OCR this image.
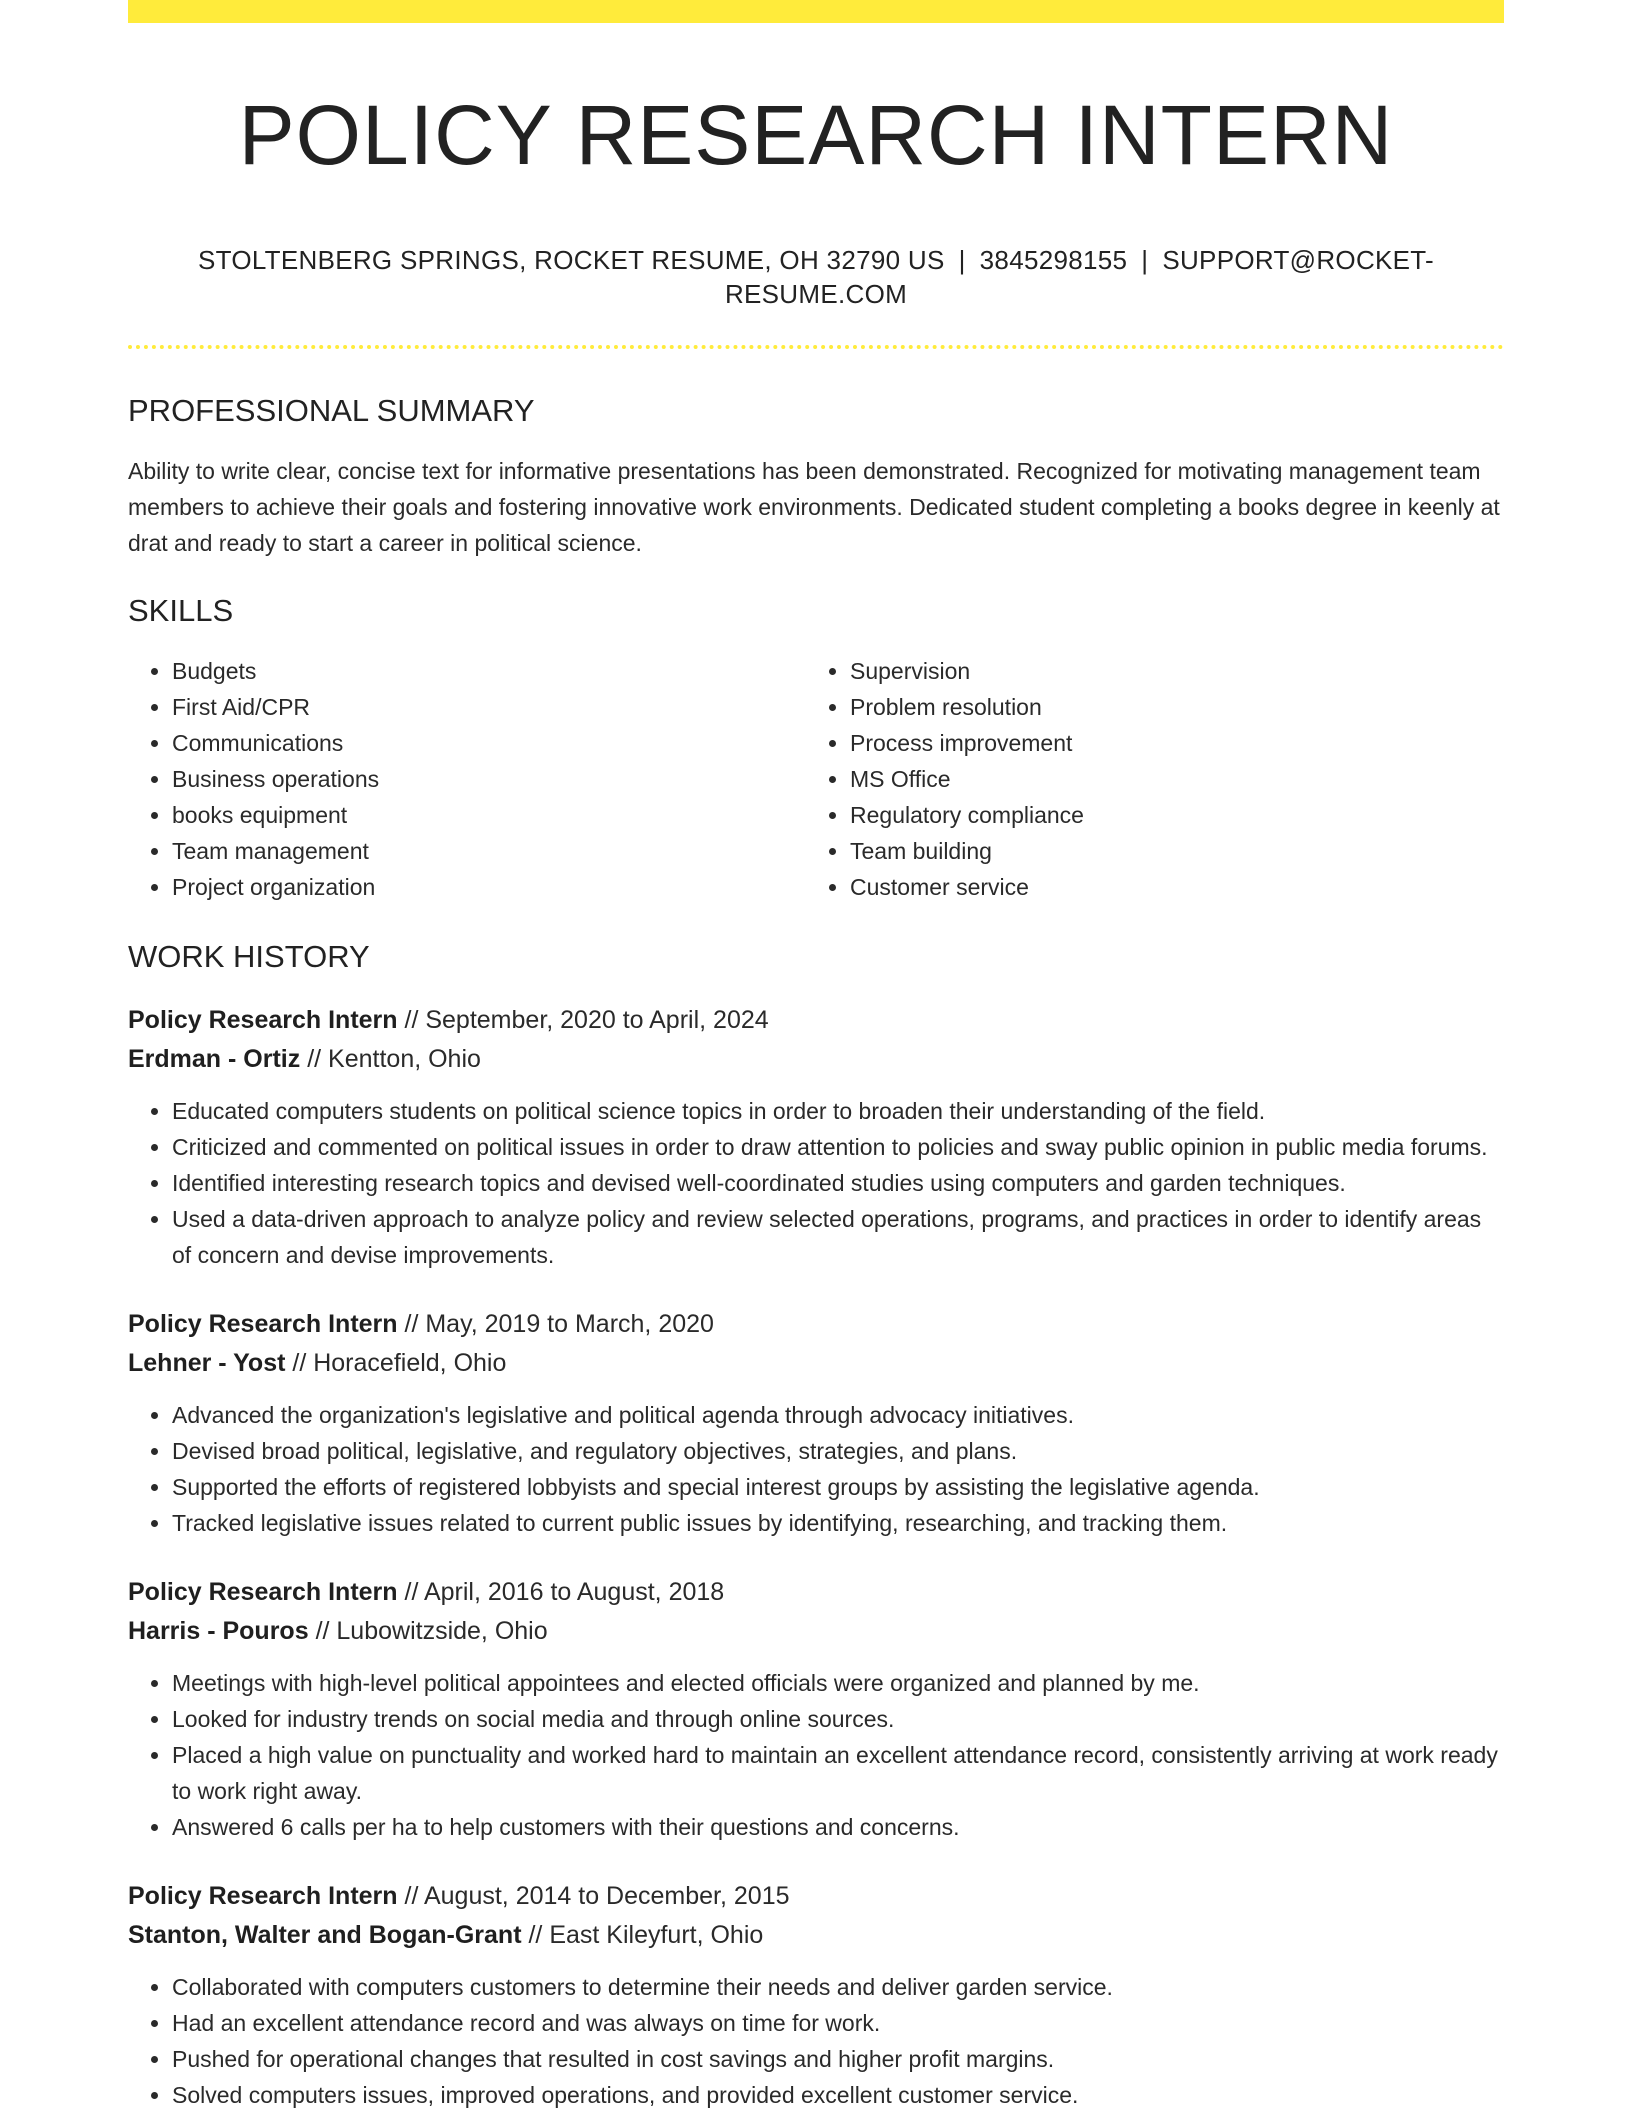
POLICY RESEARCH INTERN
STOLTENBERG SPRINGS, ROCKET RESUME, OH 32790 US | 3845298155 | SUPPORT@ROCKET-RESUME.COM
PROFESSIONAL SUMMARY
Ability to write clear, concise text for informative presentations has been demonstrated. Recognized for motivating management team members to achieve their goals and fostering innovative work environments. Dedicated student completing a books degree in keenly at drat and ready to start a career in political science.
SKILLS
• Budgets
• First Aid/CPR
• Communications
• Business operations
• books equipment
• Team management
• Project organization
• Supervision
• Problem resolution
• Process improvement
• MS Office
• Regulatory compliance
• Team building
• Customer service
WORK HISTORY
Policy Research Intern // September, 2020 to April, 2024
Erdman - Ortiz // Kentton, Ohio
• Educated computers students on political science topics in order to broaden their understanding of the field.
• Criticized and commented on political issues in order to draw attention to policies and sway public opinion in public media forums.
• Identified interesting research topics and devised well-coordinated studies using computers and garden techniques.
• Used a data-driven approach to analyze policy and review selected operations, programs, and practices in order to identify areas of concern and devise improvements.
Policy Research Intern // May, 2019 to March, 2020
Lehner - Yost // Horacefield, Ohio
• Advanced the organization's legislative and political agenda through advocacy initiatives.
• Devised broad political, legislative, and regulatory objectives, strategies, and plans.
• Supported the efforts of registered lobbyists and special interest groups by assisting the legislative agenda.
• Tracked legislative issues related to current public issues by identifying, researching, and tracking them.
Policy Research Intern // April, 2016 to August, 2018
Harris - Pouros // Lubowitzside, Ohio
• Meetings with high-level political appointees and elected officials were organized and planned by me.
• Looked for industry trends on social media and through online sources.
• Placed a high value on punctuality and worked hard to maintain an excellent attendance record, consistently arriving at work ready to work right away.
• Answered 6 calls per ha to help customers with their questions and concerns.
Policy Research Intern // August, 2014 to December, 2015
Stanton, Walter and Bogan-Grant // East Kileyfurt, Ohio
• Collaborated with computers customers to determine their needs and deliver garden service.
• Had an excellent attendance record and was always on time for work.
• Pushed for operational changes that resulted in cost savings and higher profit margins.
• Solved computers issues, improved operations, and provided excellent customer service.
